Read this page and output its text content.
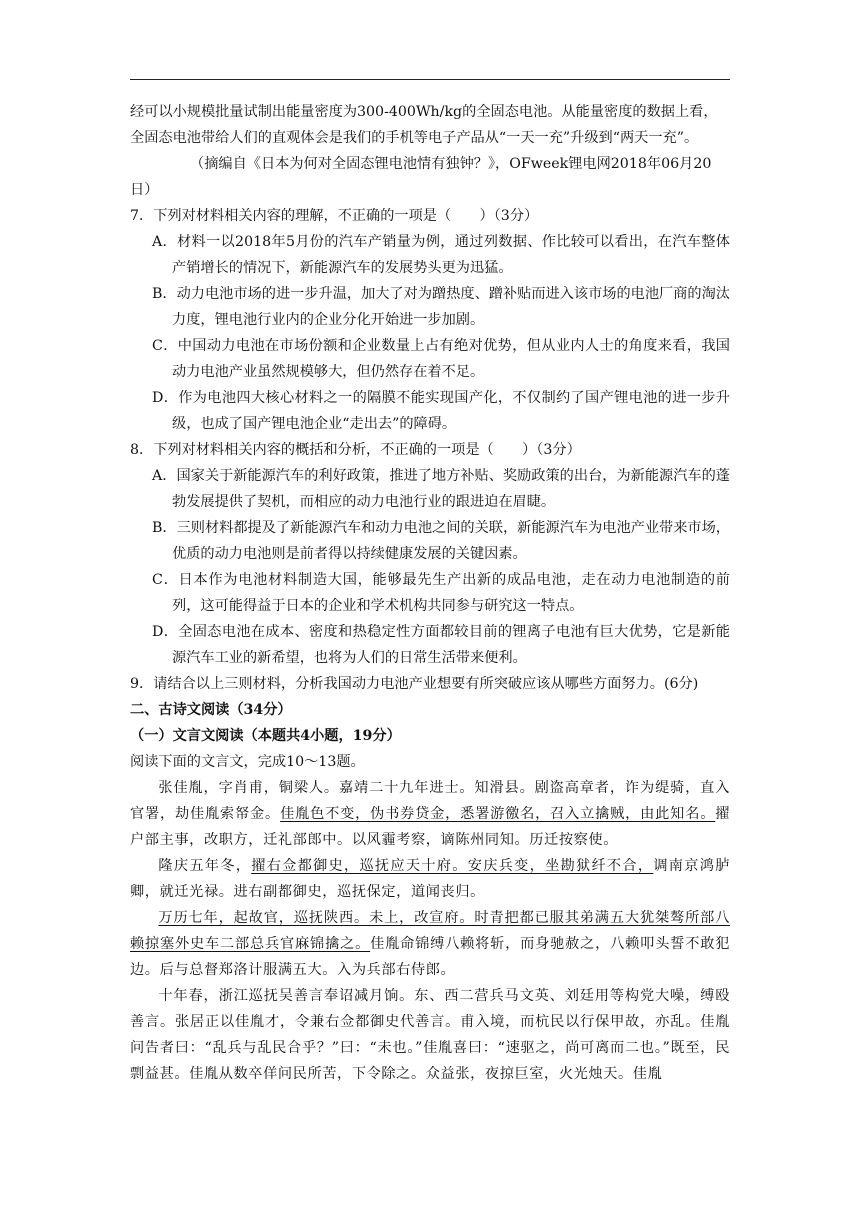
经可以小规模批量试制出能量密度为300-400Wh/kg的全固态电池。从能量密度的数据上看，

全固态电池带给人们的直观体会是我们的手机等电子产品从“一天一充”升级到“两天一充”。

（摘编自《日本为何对全固态锂电池情有独钟？》，OFweek锂电网2018年06月20

日）

7．下列对材料相关内容的理解，不正确的一项是（　　）（3分）

A．材料一以2018年5月份的汽车产销量为例，通过列数据、作比较可以看出，在汽车整体产销增长的情况下，新能源汽车的发展势头更为迅猛。

B．动力电池市场的进一步升温，加大了对为蹭热度、蹭补贴而进入该市场的电池厂商的淘汰力度，锂电池行业内的企业分化开始进一步加剧。

C．中国动力电池在市场份额和企业数量上占有绝对优势，但从业内人士的角度来看，我国动力电池产业虽然规模够大，但仍然存在着不足。

D．作为电池四大核心材料之一的隔膜不能实现国产化，不仅制约了国产锂电池的进一步升级，也成了国产锂电池企业“走出去”的障碍。

8．下列对材料相关内容的概括和分析，不正确的一项是（　　）（3分）

A．国家关于新能源汽车的利好政策，推进了地方补贴、奖励政策的出台，为新能源汽车的蓬勃发展提供了契机，而相应的动力电池行业的跟进迫在眉睫。

B．三则材料都提及了新能源汽车和动力电池之间的关联，新能源汽车为电池产业带来市场，优质的动力电池则是前者得以持续健康发展的关键因素。

C．日本作为电池材料制造大国，能够最先生产出新的成品电池，走在动力电池制造的前列，这可能得益于日本的企业和学术机构共同参与研究这一特点。

D．全固态电池在成本、密度和热稳定性方面都较目前的锂离子电池有巨大优势，它是新能源汽车工业的新希望，也将为人们的日常生活带来便利。

9．请结合以上三则材料，分析我国动力电池产业想要有所突破应该从哪些方面努力。(6分)

二、古诗文阅读（34分）

（一）文言文阅读（本题共4小题，19分）

阅读下面的文言文，完成10～13题。

张佳胤，字肖甫，铜梁人。嘉靖二十九年进士。知滑县。剧盗高章者，诈为缇骑，直入官署，劫佳胤索帑金。佳胤色不变，伪书券贷金，悉署游徼名，召入立擒贼，由此知名。擢户部主事，改职方，迁礼部郎中。以风霾考察，谪陈州同知。历迁按察使。

隆庆五年冬，擢右佥都御史，巡抚应天十府。安庆兵变，坐勘狱纤不合，调南京鸿胪卿，就迁光禄。进右副都御史，巡抚保定，道闻丧归。

万历七年，起故官，巡抚陕西。未上，改宣府。时青把都已服其弟满五大犹桀骜所部八赖掠塞外史车二部总兵官麻锦擒之。佳胤命锦缚八赖将斩，而身驰赦之，八赖叩头誓不敢犯边。后与总督郑洛计服满五大。入为兵部右侍郎。

十年春，浙江巡抚吴善言奉诏减月饷。东、西二营兵马文英、刘廷用等构党大噪，缚殴善言。张居正以佳胤才，令兼右佥都御史代善言。甫入境，而杭民以行保甲故，亦乱。佳胤问告者曰：“乱兵与乱民合乎？”曰：“未也。”佳胤喜曰：“速驱之，尚可离而二也。”既至，民剽益甚。佳胤从数卒佯问民所苦，下令除之。众益张，夜掠巨室，火光烛天。佳胤
